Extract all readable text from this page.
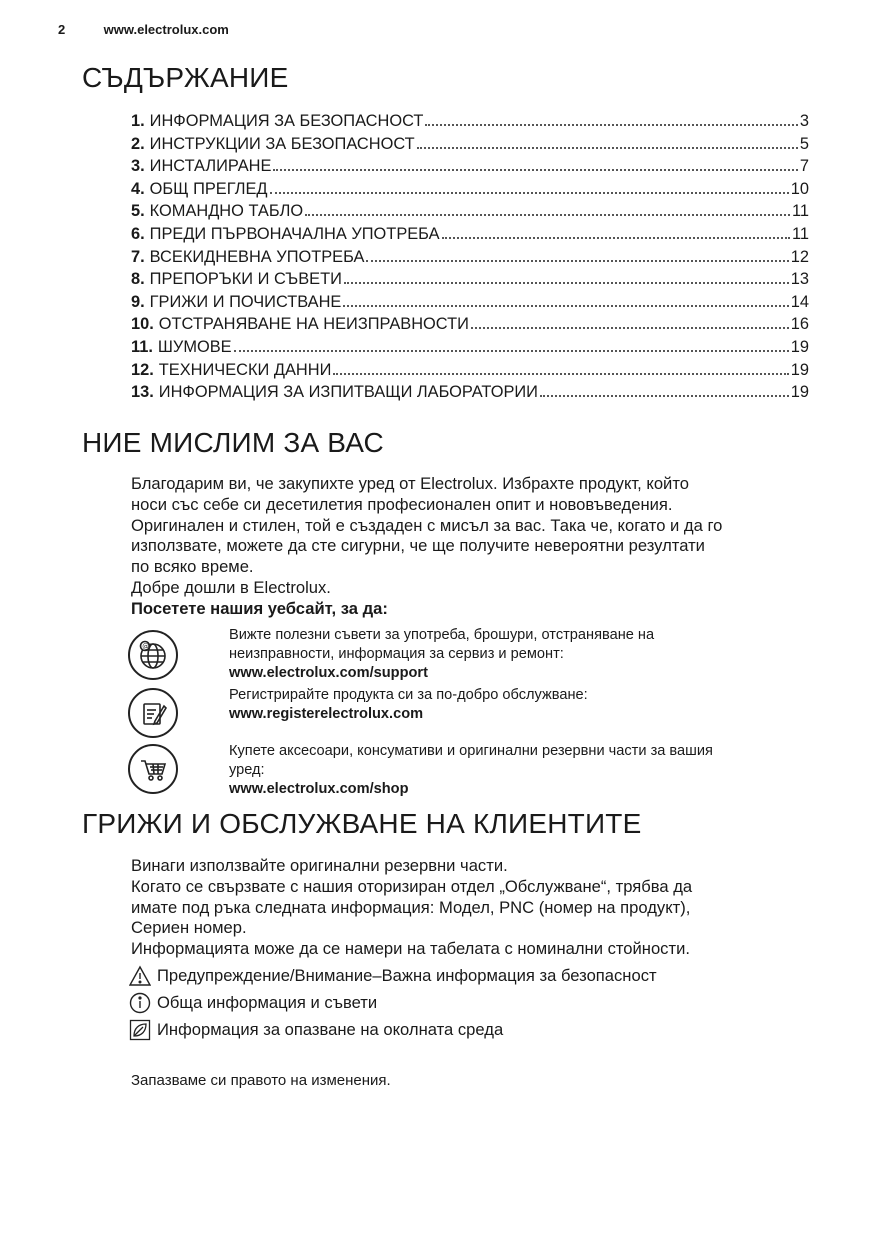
2	www.electrolux.com
СЪДЪРЖАНИЕ
1. ИНФОРМАЦИЯ ЗА БЕЗОПАСНОСТ	3
2. ИНСТРУКЦИИ ЗА БЕЗОПАСНОСТ	5
3. ИНСТАЛИРАНЕ	7
4. ОБЩ ПРЕГЛЕД	10
5. КОМАНДНО ТАБЛО	11
6. ПРЕДИ ПЪРВОНАЧАЛНА УПОТРЕБА	11
7. ВСЕКИДНЕВНА УПОТРЕБА	12
8. ПРЕПОРЪКИ И СЪВЕТИ	13
9. ГРИЖИ И ПОЧИСТВАНЕ	14
10. ОТСТРАНЯВАНЕ НА НЕИЗПРАВНОСТИ	16
11. ШУМОВЕ	19
12. ТЕХНИЧЕСКИ ДАННИ	19
13. ИНФОРМАЦИЯ ЗА ИЗПИТВАЩИ ЛАБОРАТОРИИ	19
НИЕ МИСЛИМ ЗА ВАС
Благодарим ви, че закупихте уред от Electrolux. Избрахте продукт, който
носи със себе си десетилетия професионален опит и нововъведения.
Оригинален и стилен, той е създаден с мисъл за вас. Така че, когато и да го
използвате, можете да сте сигурни, че ще получите невероятни резултати
по всяко време.
Добре дошли в Electrolux.
Посетете нашия уебсайт, за да:
@
Вижте полезни съвети за употреба, брошури, отстраняване на
неизправности, информация за сервиз и ремонт:
www.electrolux.com/support
Регистрирайте продукта си за по-добро обслужване:
www.registerelectrolux.com
Купете аксесоари, консумативи и оригинални резервни части за вашия
уред:
www.electrolux.com/shop
ГРИЖИ И ОБСЛУЖВАНЕ НА КЛИЕНТИТЕ
Винаги използвайте оригинални резервни части.
Когато се свързвате с нашия оторизиран отдел „Обслужване“, трябва да
имате под ръка следната информация: Модел, PNC (номер на продукт),
Сериен номер.
Информацията може да се намери на табелата с номинални стойности.
Предупреждение/Внимание–Важна информация за безопасност
Обща информация и съвети
Информация за опазване на околната среда
Запазваме си правото на изменения.
